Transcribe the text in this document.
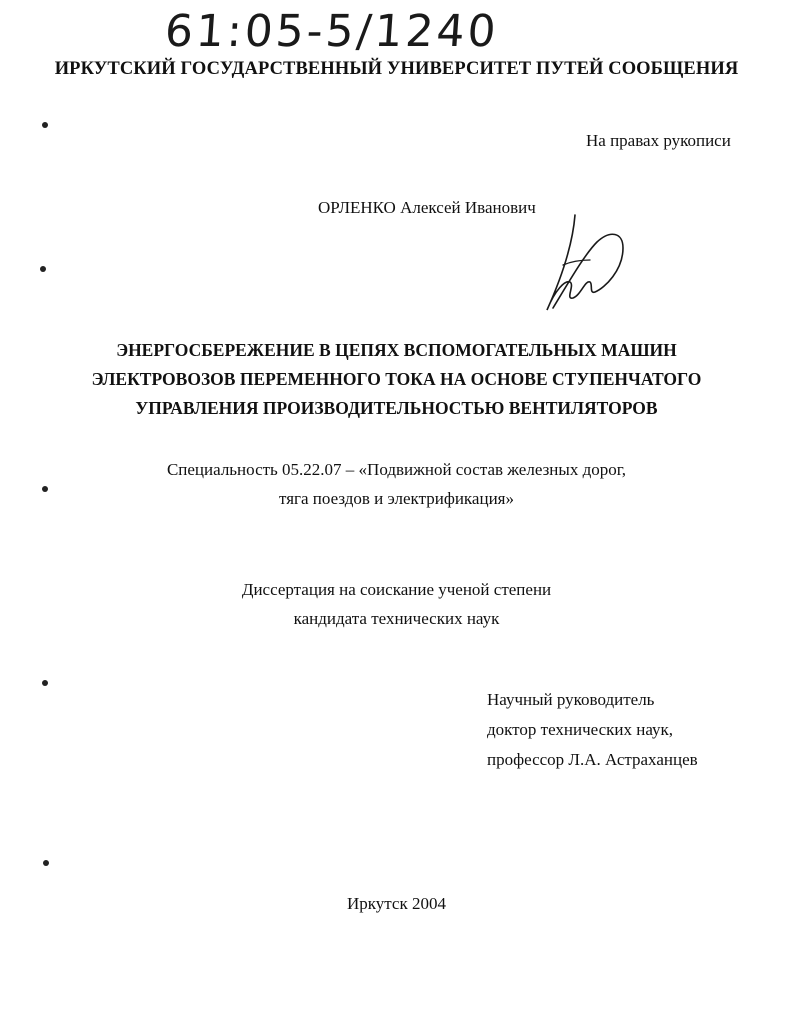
61:05-5/1240
ИРКУТСКИЙ ГОСУДАРСТВЕННЫЙ УНИВЕРСИТЕТ ПУТЕЙ СООБЩЕНИЯ
На правах рукописи
ОРЛЕНКО Алексей Иванович
ЭНЕРГОСБЕРЕЖЕНИЕ В ЦЕПЯХ ВСПОМОГАТЕЛЬНЫХ МАШИН
ЭЛЕКТРОВОЗОВ ПЕРЕМЕННОГО ТОКА НА ОСНОВЕ СТУПЕНЧАТОГО
УПРАВЛЕНИЯ ПРОИЗВОДИТЕЛЬНОСТЬЮ ВЕНТИЛЯТОРОВ
Специальность 05.22.07 – «Подвижной состав железных дорог,
тяга поездов и электрификация»
Диссертация на соискание ученой степени
кандидата технических наук
Научный руководитель
доктор технических наук,
профессор Л.А. Астраханцев
Иркутск 2004
